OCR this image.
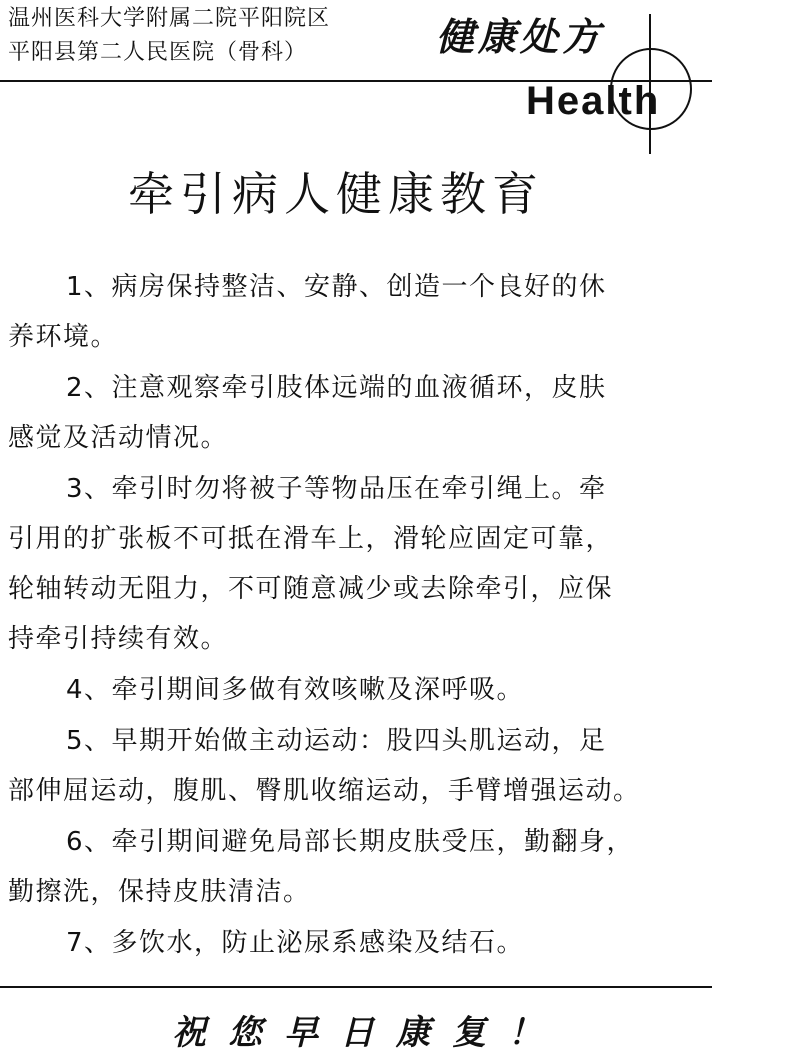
温州医科大学附属二院平阳院区
平阳县第二人民医院（骨科）	健康处方
Health
牵引病人健康教育

1、病房保持整洁、安静、创造一个良好的休
养环境。

2、注意观察牵引肢体远端的血液循环，皮肤
感觉及活动情况。

3、牵引时勿将被子等物品压在牵引绳上。牵
引用的扩张板不可抵在滑车上，滑轮应固定可靠，
轮轴转动无阻力，不可随意减少或去除牵引，应保
持牵引持续有效。

4、牵引期间多做有效咳嗽及深呼吸。

5、早期开始做主动运动：股四头肌运动，足
部伸屈运动，腹肌、臀肌收缩运动，手臂增强运动。

6、牵引期间避免局部长期皮肤受压，勤翻身，
勤擦洗，保持皮肤清洁。

7、多饮水，防止泌尿系感染及结石。

祝您早日康复！
